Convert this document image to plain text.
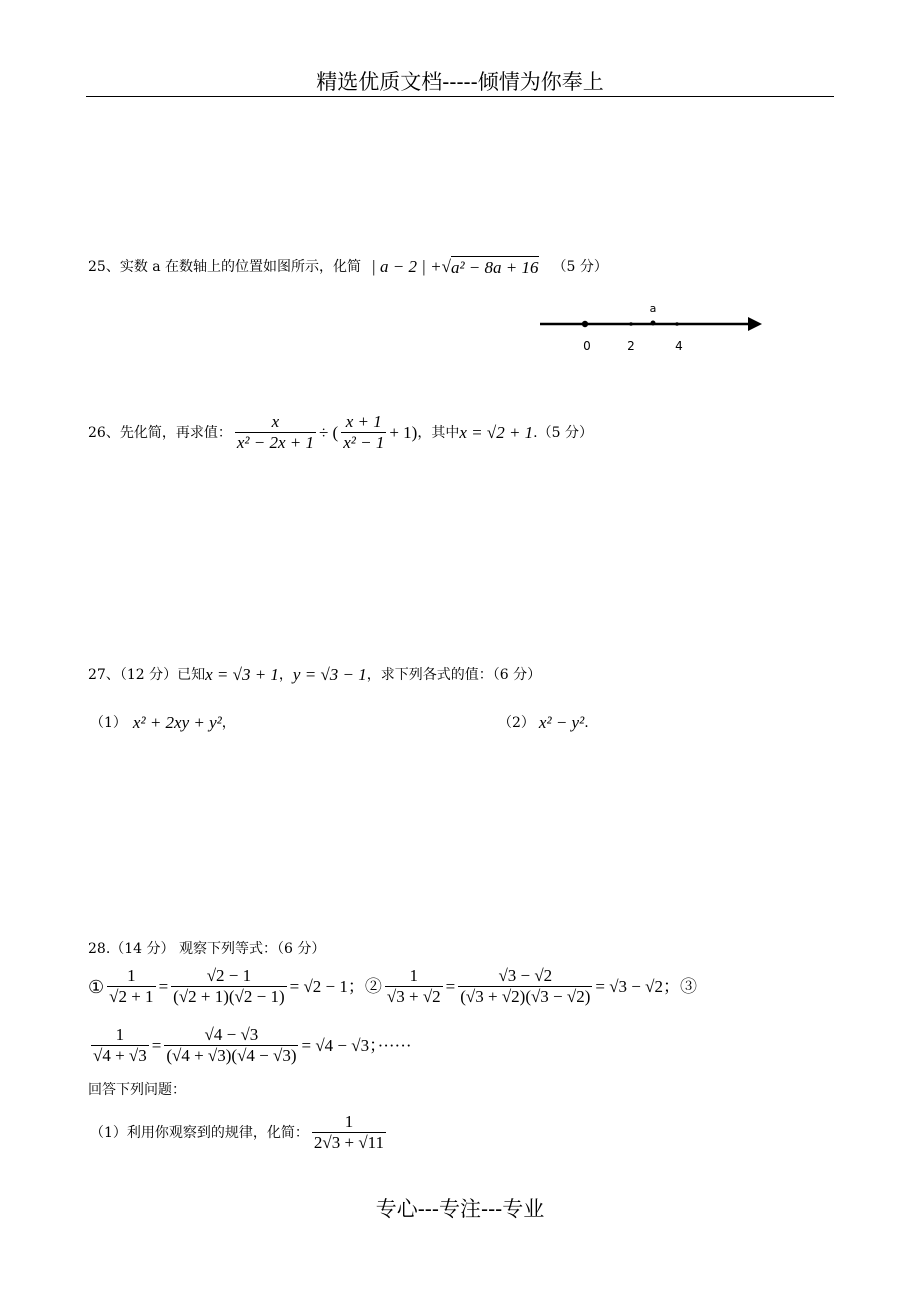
精选优质文档-----倾情为你奉上
25、实数 a 在数轴上的位置如图所示，化简 | a − 2 | + √ a² − 8a + 16 （5 分）
a
0	2	4
26、先化简，再求值： $\frac{x}{\text{x² − 2x + 1}}$ ÷ ( $\frac{x + 1}{\text{x² − 1}} + 1$) ，其中 x = √2 + 1 .（5 分）
27、（12 分）已知 x = √3 + 1 ， y = √3 − 1 ，求下列各式的值：（6 分）
（1） x² + 2xy + y² ，	（2） x² − y² .
28.（14 分） 观察下列等式：（6 分）
① $\frac{1}{√2 + 1} = \frac{√2 - 1}{(√2 + 1)(√2 - 1)} = √2 - 1$ ；② $\frac{1}{√3 + √2} = \frac{√3 - √2}{(√3 + √2)(√3 - √2)} = √3 - √2$ ；③
$\frac{1}{√4 + √3} = \frac{√4 - √3}{(√4 + √3)(√4 - √3)} = √4 - √3$ ；······
回答下列问题：
（1）利用你观察到的规律，化简： $\frac{1}{2√3 + √11}$
专心---专注---专业
